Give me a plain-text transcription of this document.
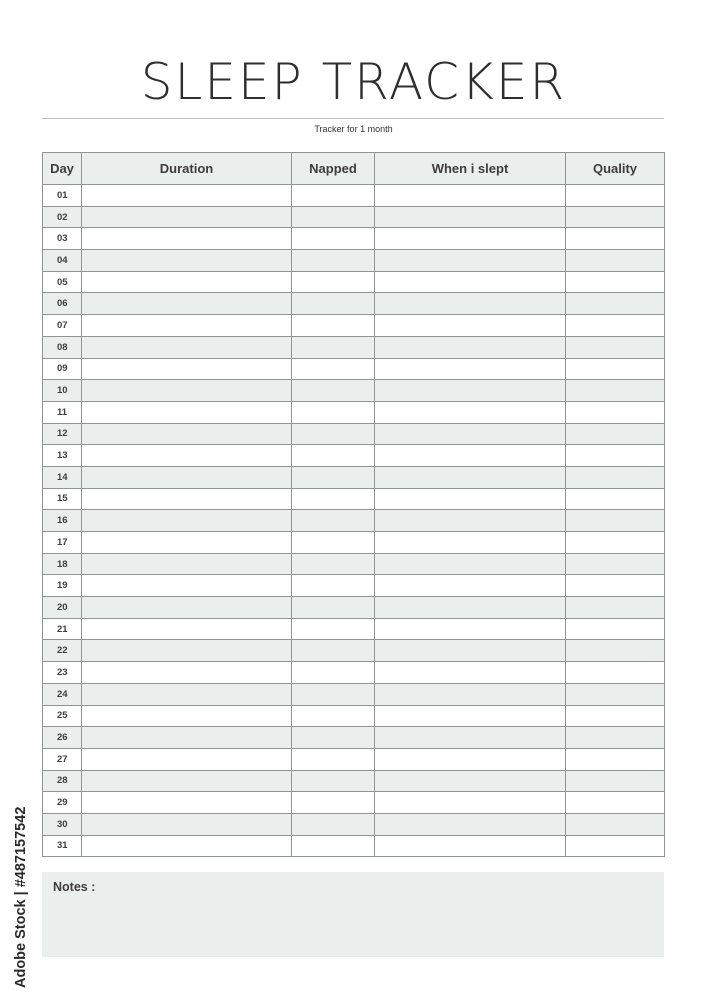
SLEEP TRACKER
Tracker for 1 month
Day	Duration	Napped	When i slept	Quality
01				
02				
03				
04				
05				
06				
07				
08				
09				
10				
11				
12				
13				
14				
15				
16				
17				
18				
19				
20				
21				
22				
23				
24				
25				
26				
27				
28				
29				
30				
31				
Notes :
Adobe Stock | #487157542
